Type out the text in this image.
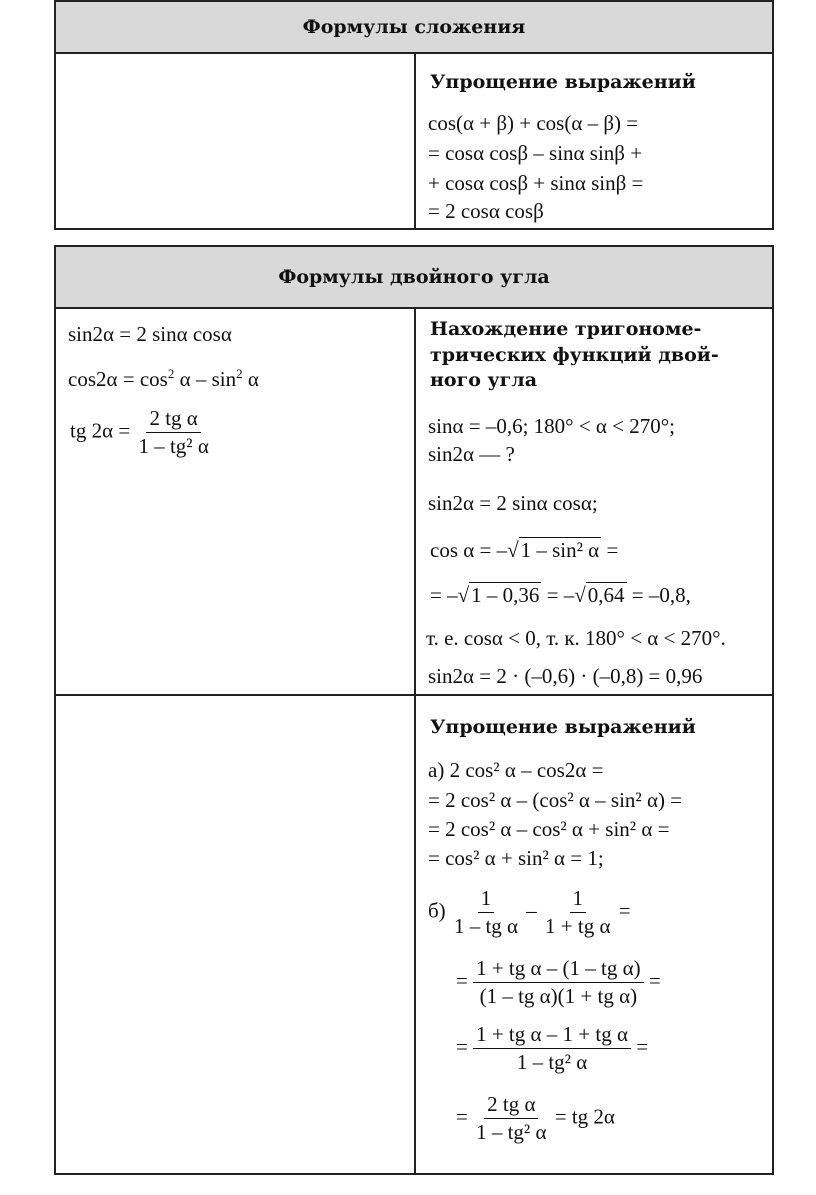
Формулы сложения
Упрощение выражений
cos(α + β) + cos(α – β) =
= cosα cosβ – sinα sinβ +
+ cosα cosβ + sinα sinβ =
= 2 cosα cosβ
Формулы двойного угла
sin2α = 2 sinα cosα
$\cos 2\alpha = \cos^2 \alpha - \sin^2 \alpha$
tg $2\alpha = \frac{\text{2 tg α}}{\text{1 – tg² α}}$
Нахождение тригономе-
трических функций двой-
ного угла
sinα = –0,6; 180° < α < 270°;
sin2α — ?
sin2α = 2 sinα cosα;
cos α = –√1 – sin² α =
= –√1 – 0,36 = –√0,64 = –0,8,
т. е. cosα < 0, т. к. 180° < α < 270°.
sin2α = 2 · (–0,6) · (–0,8) = 0,96
Упрощение выражений
а) 2 cos² α – cos2α =
= 2 cos² α – (cos² α – sin² α) =
= 2 cos² α – cos² α + sin² α =
= cos² α + sin² α = 1;
$б) \frac{1}{\text{1 – tg α}} - \frac{1}{\text{1 + tg α}}$ =
= $\frac{\text{1 + tg α – (1 – tg α)}}{\text{(1 – tg α)(1 + tg α)}}$ =
= $\frac{\text{1 + tg α – 1 + tg α}}{\text{1 – tg² α}}$ =
= $\frac{\text{2 tg α}}{\text{1 – tg² α}}$ = tg 2α
